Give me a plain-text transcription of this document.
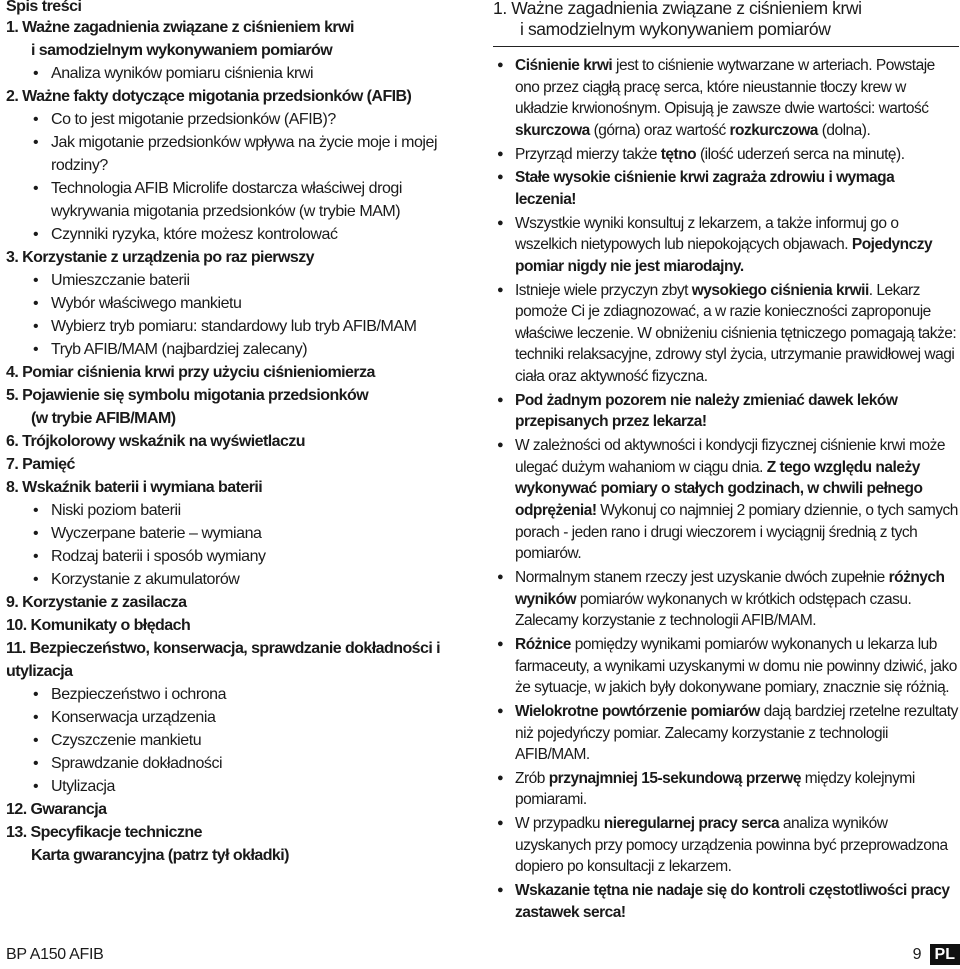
Spis treści
1. Ważne zagadnienia związane z ciśnieniem krwi
i samodzielnym wykonywaniem pomiarów
• Analiza wyników pomiaru ciśnienia krwi
2. Ważne fakty dotyczące migotania przedsionków (AFIB)
• Co to jest migotanie przedsionków (AFIB)?
• Jak migotanie przedsionków wpływa na życie moje i mojej
rodziny?
• Technologia AFIB Microlife dostarcza właściwej drogi
wykrywania migotania przedsionków (w trybie MAM)
• Czynniki ryzyka, które możesz kontrolować
3. Korzystanie z urządzenia po raz pierwszy
• Umieszczanie baterii
• Wybór właściwego mankietu
• Wybierz tryb pomiaru: standardowy lub tryb AFIB/MAM
• Tryb AFIB/MAM (najbardziej zalecany)
4. Pomiar ciśnienia krwi przy użyciu ciśnieniomierza
5. Pojawienie się symbolu migotania przedsionków
(w trybie AFIB/MAM)
6. Trójkolorowy wskaźnik na wyświetlaczu
7. Pamięć
8. Wskaźnik baterii i wymiana baterii
• Niski poziom baterii
• Wyczerpane baterie – wymiana
• Rodzaj baterii i sposób wymiany
• Korzystanie z akumulatorów
9. Korzystanie z zasilacza
10. Komunikaty o błędach
11. Bezpieczeństwo, konserwacja, sprawdzanie dokładności i
utylizacja
• Bezpieczeństwo i ochrona
• Konserwacja urządzenia
• Czyszczenie mankietu
• Sprawdzanie dokładności
• Utylizacja
12. Gwarancja
13. Specyfikacje techniczne
Karta gwarancyjna (patrz tył okładki)
1. Ważne zagadnienia związane z ciśnieniem krwi
i samodzielnym wykonywaniem pomiarów
● Ciśnienie krwi jest to ciśnienie wytwarzane w arteriach. Powstaje ono przez ciągłą pracę serca, które nieustannie tłoczy krew w układzie krwionośnym. Opisują je zawsze dwie wartości: wartość skurczowa (górna) oraz wartość rozkurczowa (dolna).
● Przyrząd mierzy także tętno (ilość uderzeń serca na minutę).
● Stałe wysokie ciśnienie krwi zagraża zdrowiu i wymaga leczenia!
● Wszystkie wyniki konsultuj z lekarzem, a także informuj go o wszelkich nietypowych lub niepokojących objawach. Pojedynczy pomiar nigdy nie jest miarodajny.
● Istnieje wiele przyczyn zbyt wysokiego ciśnienia krwii. Lekarz pomoże Ci je zdiagnozować, a w razie konieczności zaproponuje właściwe leczenie. W obniżeniu ciśnienia tętniczego pomagają także: techniki relaksacyjne, zdrowy styl życia, utrzymanie prawidłowej wagi ciała oraz aktywność fizyczna.
● Pod żadnym pozorem nie należy zmieniać dawek leków przepisanych przez lekarza!
● W zależności od aktywności i kondycji fizycznej ciśnienie krwi może ulegać dużym wahaniom w ciągu dnia. Z tego względu należy wykonywać pomiary o stałych godzinach, w chwili pełnego odprężenia! Wykonuj co najmniej 2 pomiary dziennie, o tych samych porach - jeden rano i drugi wieczorem i wyciągnij średnią z tych pomiarów.
● Normalnym stanem rzeczy jest uzyskanie dwóch zupełnie różnych wyników pomiarów wykonanych w krótkich odstępach czasu. Zalecamy korzystanie z technologii AFIB/MAM.
● Różnice pomiędzy wynikami pomiarów wykonanych u lekarza lub farmaceuty, a wynikami uzyskanymi w domu nie powinny dziwić, jako że sytuacje, w jakich były dokonywane pomiary, znacznie się różnią.
● Wielokrotne powtórzenie pomiarów dają bardziej rzetelne rezultaty niż pojedyńczy pomiar. Zalecamy korzystanie z technologii AFIB/MAM.
● Zrób przynajmniej 15-sekundową przerwę między kolejnymi pomiarami.
● W przypadku nieregularnej pracy serca analiza wyników uzyskanych przy pomocy urządzenia powinna być przeprowadzona dopiero po konsultacji z lekarzem.
● Wskazanie tętna nie nadaje się do kontroli częstotliwości pracy zastawek serca!
BP A150 AFIB	9 PL
